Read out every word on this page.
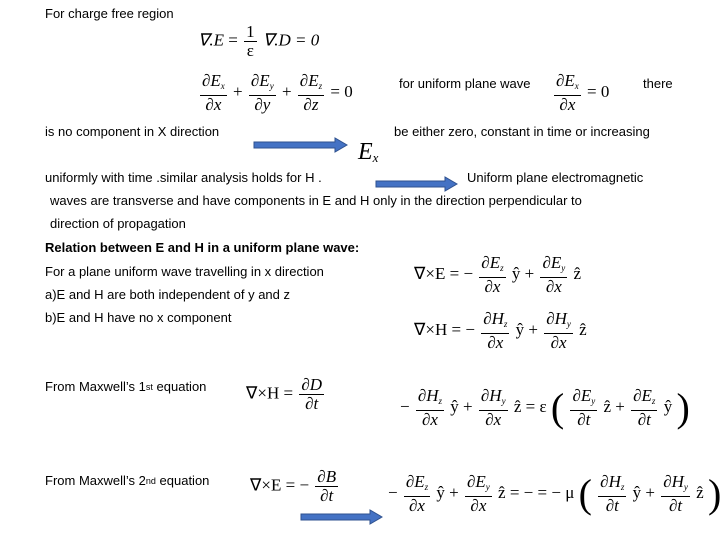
For charge free region
for uniform plane wave	there
is no component in X direction	be either zero, constant in time or increasing
uniformly with time .similar analysis holds for H .	Uniform plane electromagnetic
waves are transverse and have components in E and H only in the direction perpendicular to
direction of propagation
Relation between E and H in a uniform plane wave:
For a plane uniform wave travelling in x direction
a)E and H are both independent of y and z
b)E and H have no x component
From Maxwell’s 1st equation
From Maxwell’s 2nd equation
$\nabla.E = \frac{1}{\varepsilon} \nabla.D = 0$
$\frac{\partial E_x}{\partial x} + \frac{\partial E_y}{\partial y} + \frac{\partial E_z}{\partial z} = 0$	$\frac{\partial E_x}{\partial x} = 0$
$E_x$
∇×E = − $\frac{\partial E_z}{\partial x}$ ŷ + $\frac{\partial E_y}{\partial x}$ ẑ
∇×H = − $\frac{\partial H_z}{\partial x}$ ŷ + $\frac{\partial H_y}{\partial x}$ ẑ
$\nabla\times H = \frac{\partial D}{\partial t}$	− $\frac{\partial H_z}{\partial x}$ ŷ + $\frac{\partial H_y}{\partial x}$ ẑ = ε ( $\frac{\partial E_y}{\partial t}$ ẑ + $\frac{\partial E_z}{\partial t}$ ŷ )
∇×E = − $\frac{\partial B}{\partial t}$	− $\frac{\partial E_z}{\partial x}$ ŷ + $\frac{\partial E_y}{\partial x}$ ẑ = − = − μ ( $\frac{\partial H_z}{\partial t}$ ŷ + $\frac{\partial H_y}{\partial t}$ ẑ )
